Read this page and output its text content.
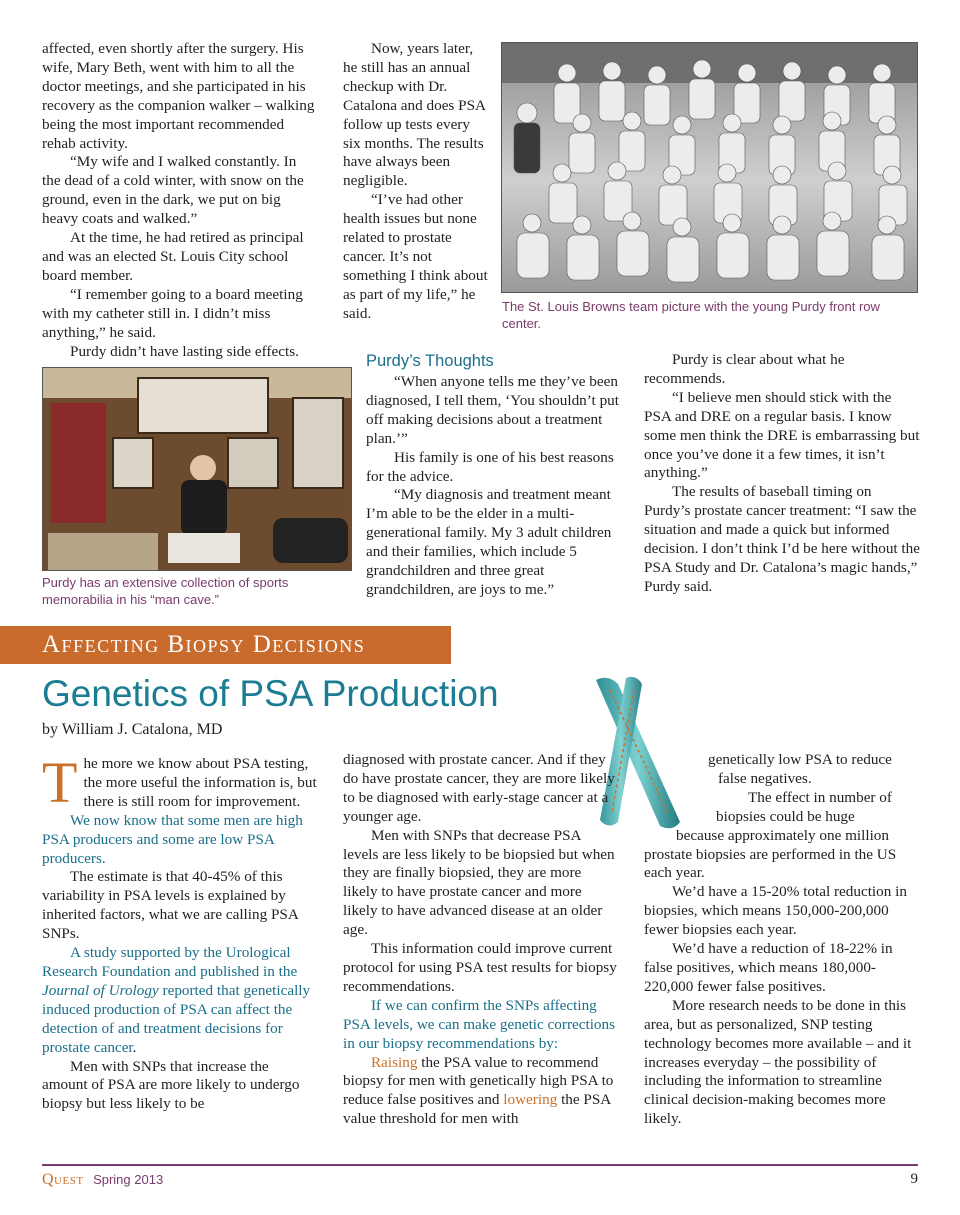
affected, even shortly after the surgery. His wife, Mary Beth, went with him to all the doctor meetings, and she participated in his recovery as the companion walker – walking being the most important recommended rehab activity.

“My wife and I walked constantly. In the dead of a cold winter, with snow on the ground, even in the dark, we put on big heavy coats and walked.”

At the time, he had retired as principal and was an elected St. Louis City school board member.

“I remember going to a board meeting with my catheter still in. I didn’t miss anything,” he said.

Purdy didn’t have lasting side effects.

Now, years later, he still has an annual checkup with Dr. Catalona and does PSA follow up tests every six months. The results have always been negligible.

“I’ve had other health issues but none related to prostate cancer. It’s not something I think about as part of my life,” he said.	The St. Louis Browns team picture with the young Purdy front row center.
Purdy has an extensive collection of sports memorabilia in his “man cave.”
Purdy’s Thoughts

“When anyone tells me they’ve been diagnosed, I tell them, ‘You shouldn’t put off making decisions about a treatment plan.’”

His family is one of his best reasons for the advice.

“My diagnosis and treatment meant I’m able to be the elder in a multi-generational family. My 3 adult children and their families, which include 5 grandchildren and three great grandchildren, are joys to me.”

Purdy is clear about what he recommends.

“I believe men should stick with the PSA and DRE on a regular basis. I know some men think the DRE is embarrassing but once you’ve done it a few times, it isn’t anything.”

The results of baseball timing on Purdy’s prostate cancer treatment: “I saw the situation and made a quick but informed decision. I don’t think I’d be here without the PSA Study and Dr. Catalona’s magic hands,” Purdy said.

Affecting Biopsy Decisions
Genetics of PSA Production
by William J. Catalona, MD

The more we know about PSA testing, the more useful the information is, but there is still room for improvement.

We now know that some men are high PSA producers and some are low PSA producers.

The estimate is that 40-45% of this variability in PSA levels is explained by inherited factors, what we are calling PSA SNPs.

A study supported by the Urological Research Foundation and published in the Journal of Urology reported that genetically induced production of PSA can affect the detection of and treatment decisions for prostate cancer.

Men with SNPs that increase the amount of PSA are more likely to undergo biopsy but less likely to be

diagnosed with prostate cancer. And if they do have prostate cancer, they are more likely to be diagnosed with early-stage cancer at a younger age.

Men with SNPs that decrease PSA levels are less likely to be biopsied but when they are finally biopsied, they are more likely to have prostate cancer and more likely to have advanced disease at an older age.

This information could improve current protocol for using PSA test results for biopsy recommendations.

If we can confirm the SNPs affecting PSA levels, we can make genetic corrections in our biopsy recommendations by:

Raising the PSA value to recommend biopsy for men with genetically high PSA to reduce false positives and lowering the PSA value threshold for men with

genetically low PSA to reduce
false negatives.
The effect in number of
biopsies could be huge
because approximately one million

prostate biopsies are performed in the US each year.

We’d have a 15-20% total reduction in biopsies, which means 150,000-200,000 fewer biopsies each year.

We’d have a reduction of 18-22% in false positives, which means 180,000-220,000 fewer false positives.

More research needs to be done in this area, but as personalized, SNP testing technology becomes more available – and it increases everyday – the possibility of including the information to streamline clinical decision-making becomes more likely.

Quest Spring 2013	9
